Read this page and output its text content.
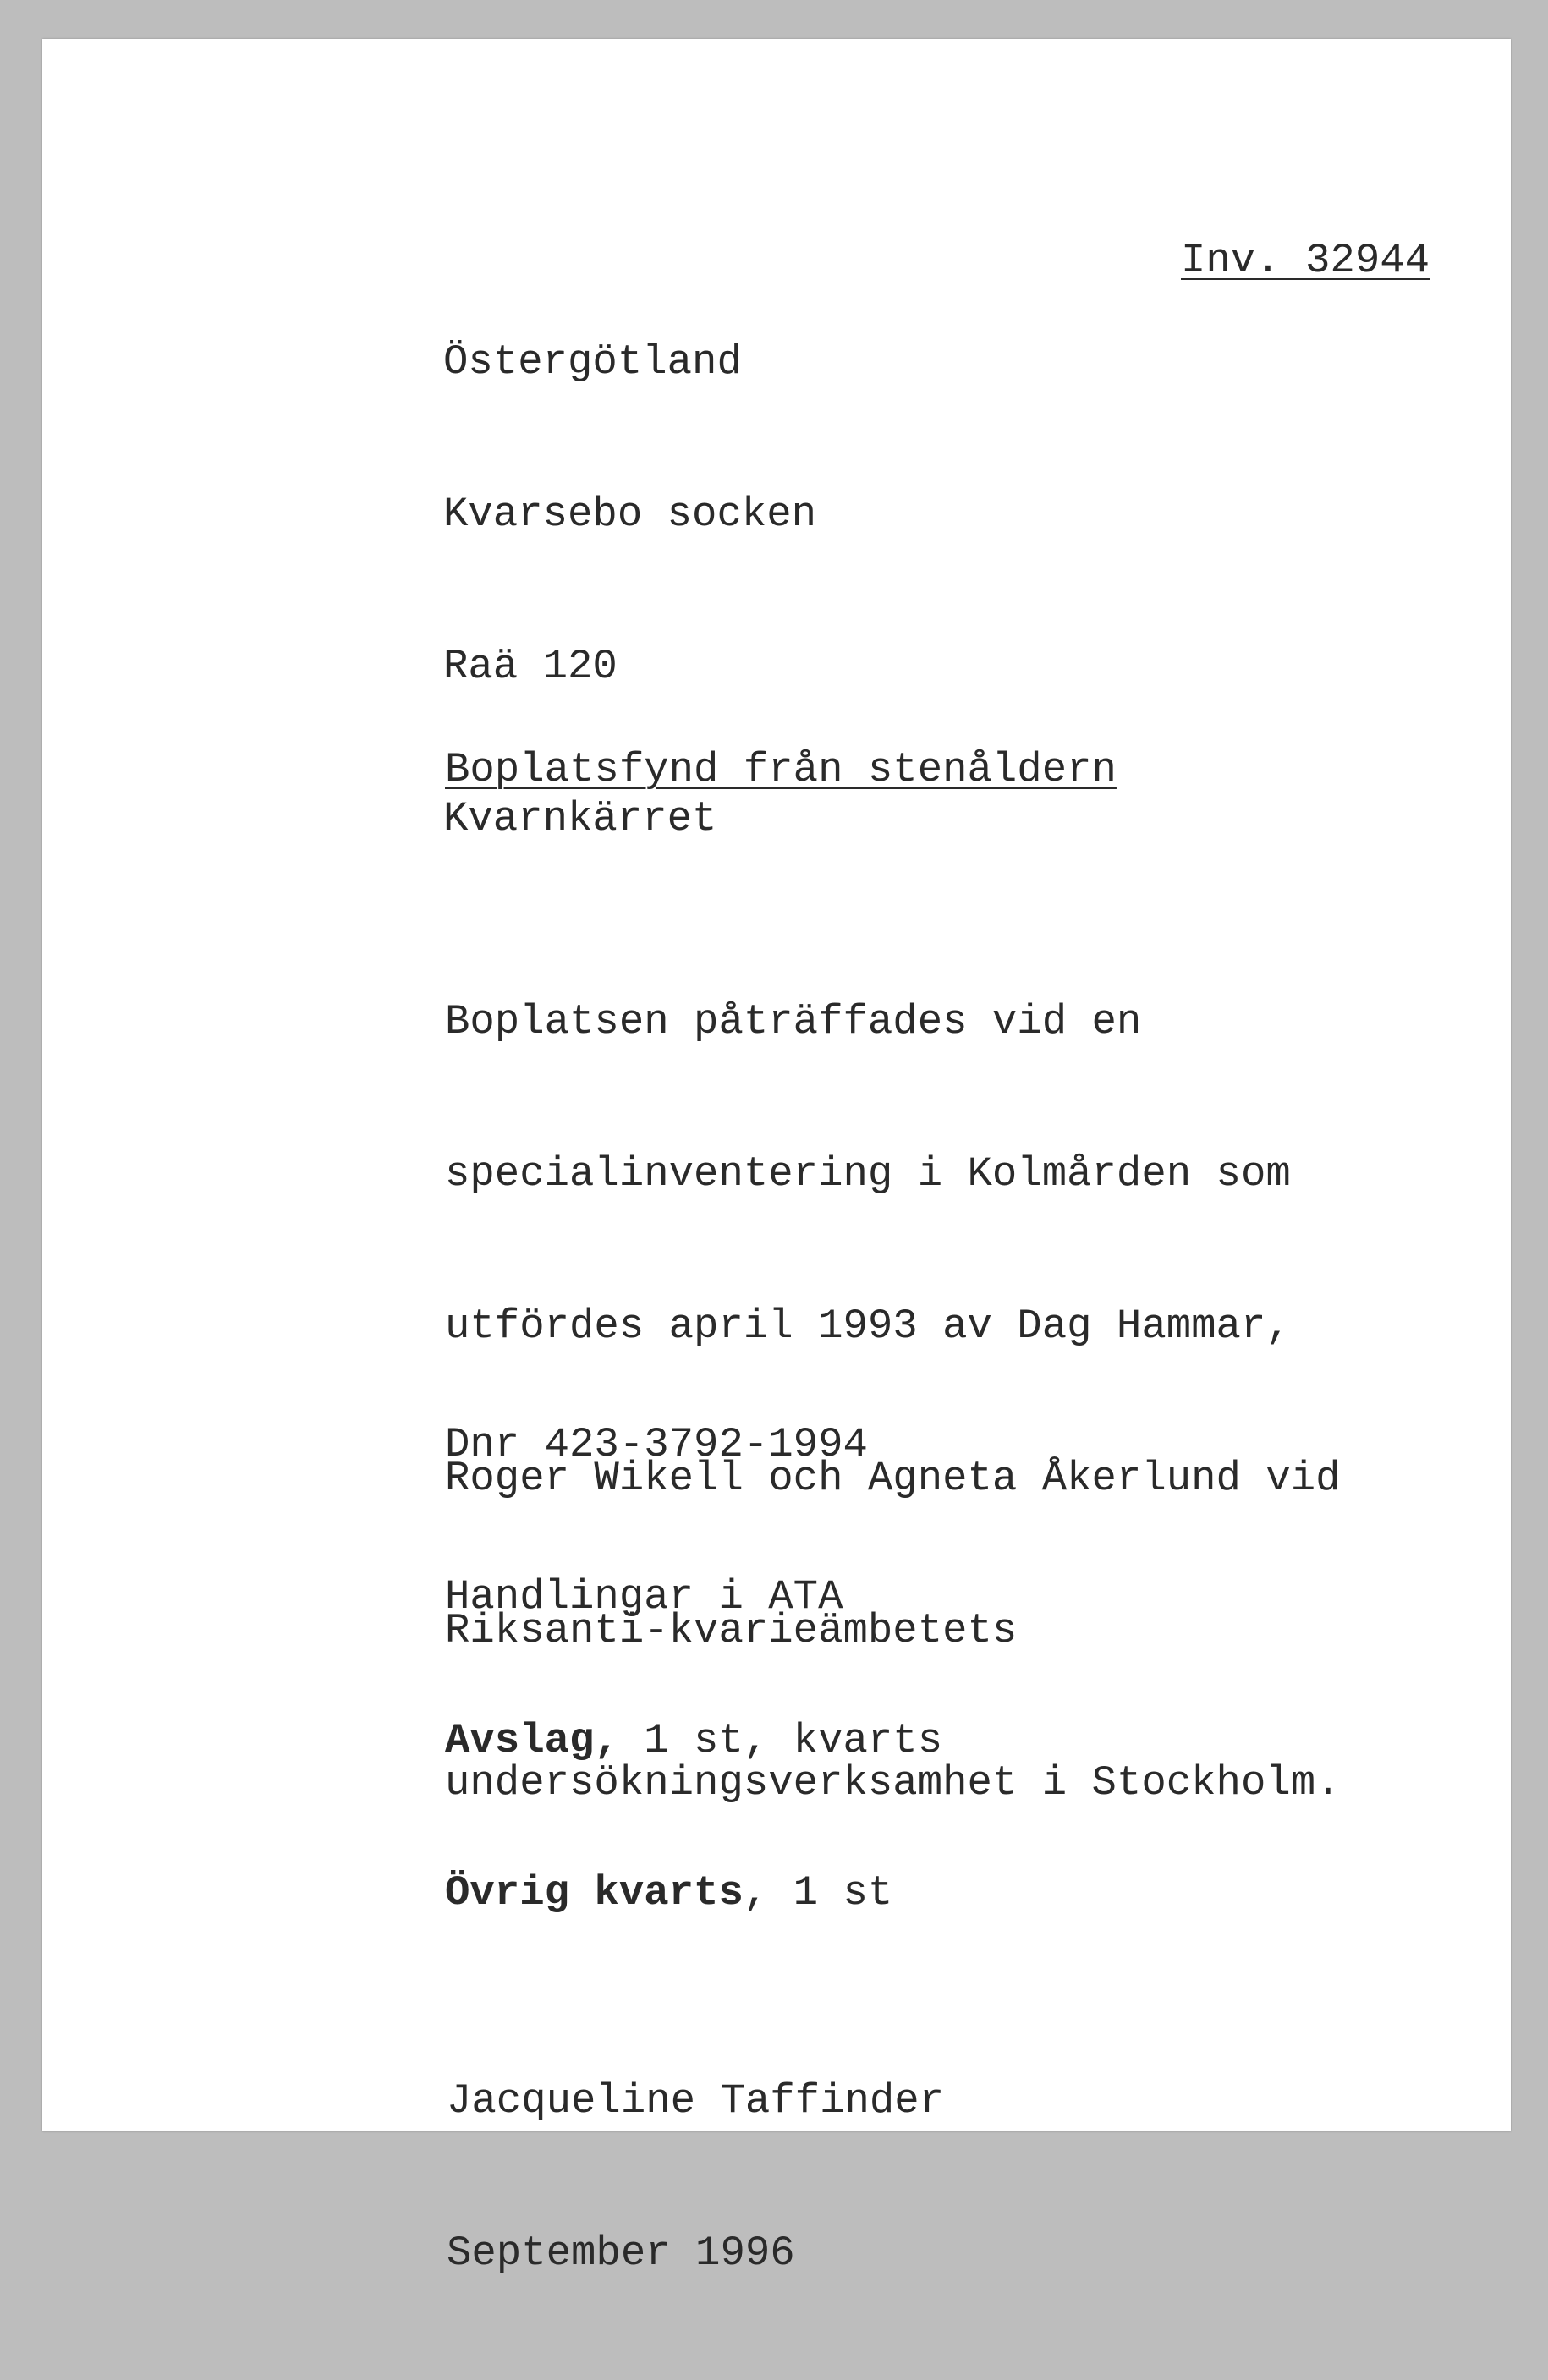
Östergötland

Kvarsebo socken

Raä 120

Kvarnkärret

Inv. 32944
Boplatsfynd från stenåldern

Boplatsen påträffades vid en

specialinventering i Kolmården som

utfördes april 1993 av Dag Hammar,

Roger Wikell och Agneta Åkerlund vid

Riksanti-kvarieämbetets

undersökningsverksamhet i Stockholm.

Dnr 423-3792-1994

Handlingar i ATA

Avslag, 1 st, kvarts

Övrig kvarts, 1 st

Jacqueline Taffinder

September 1996
